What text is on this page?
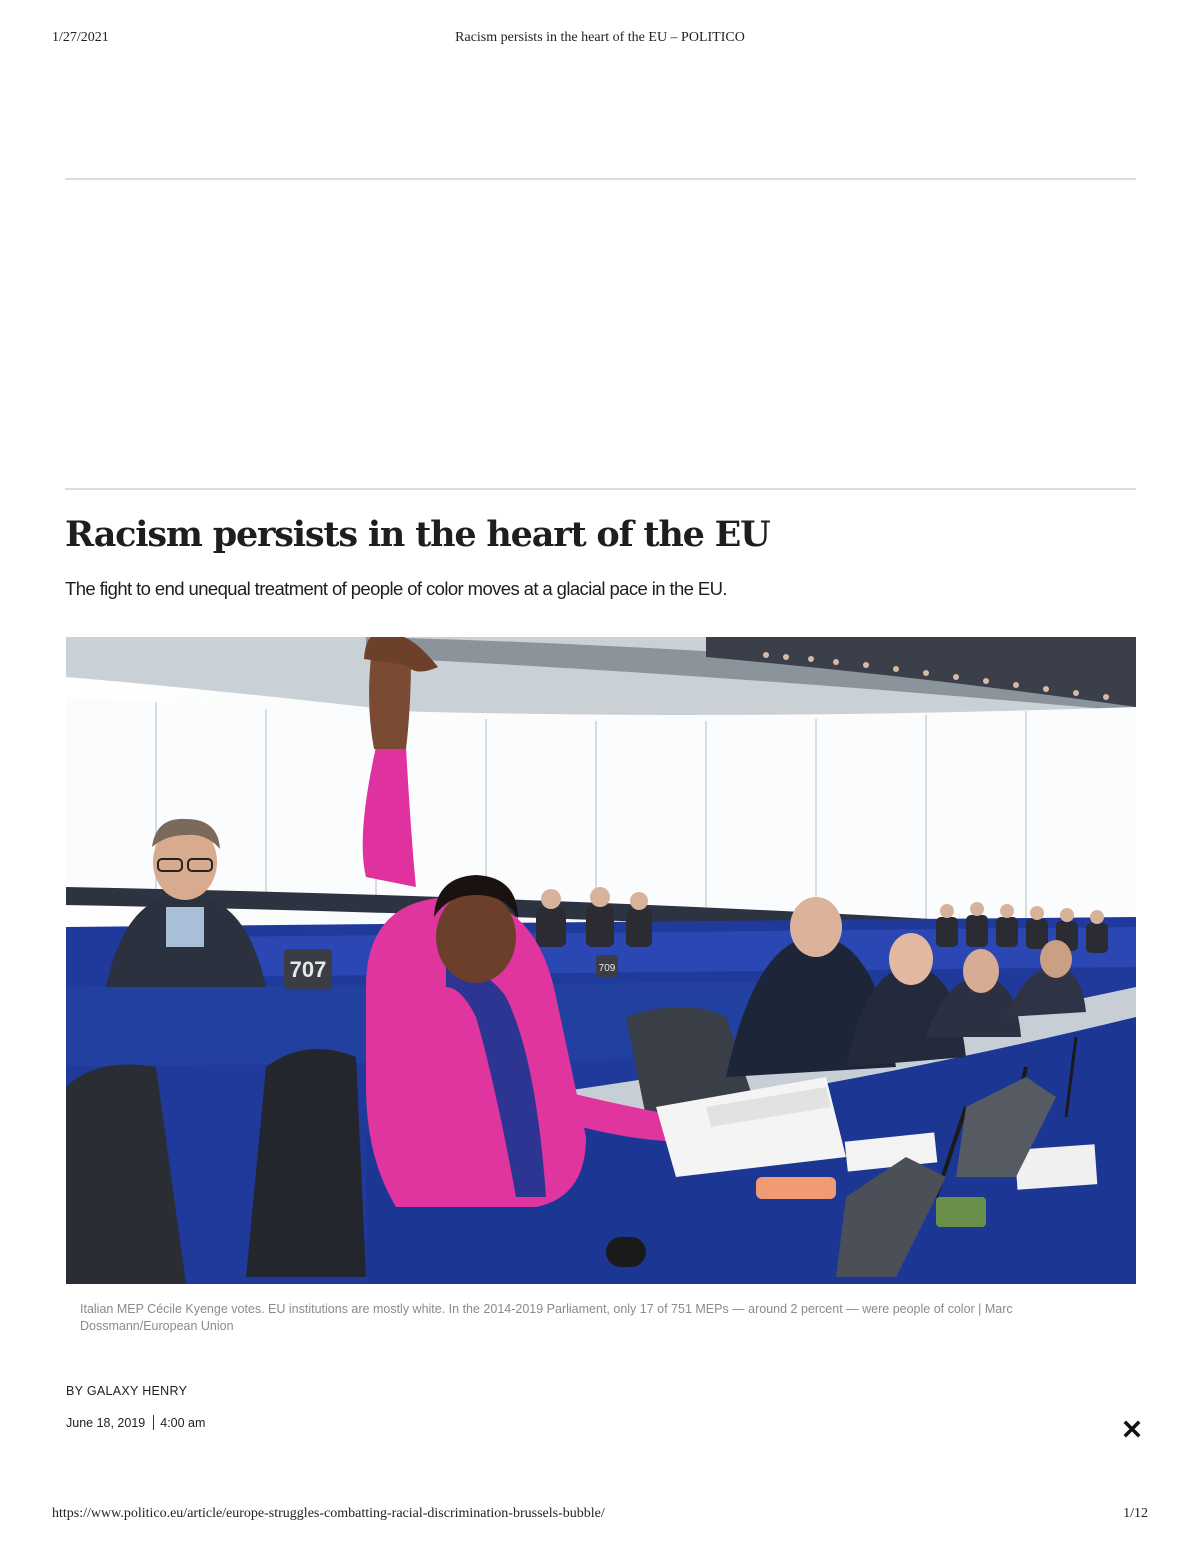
1/27/2021	Racism persists in the heart of the EU – POLITICO
Racism persists in the heart of the EU

The fight to end unequal treatment of people of color moves at a glacial pace in the EU.

707	709

Italian MEP Cécile Kyenge votes. EU institutions are mostly white. In the 2014-2019 Parliament, only 17 of 751 MEPs — around 2 percent — were people of color | Marc Dossmann/European Union

BY GALAXY HENRY
June 18, 2019 4:00 am
https://www.politico.eu/article/europe-struggles-combatting-racial-discrimination-brussels-bubble/	1/12
